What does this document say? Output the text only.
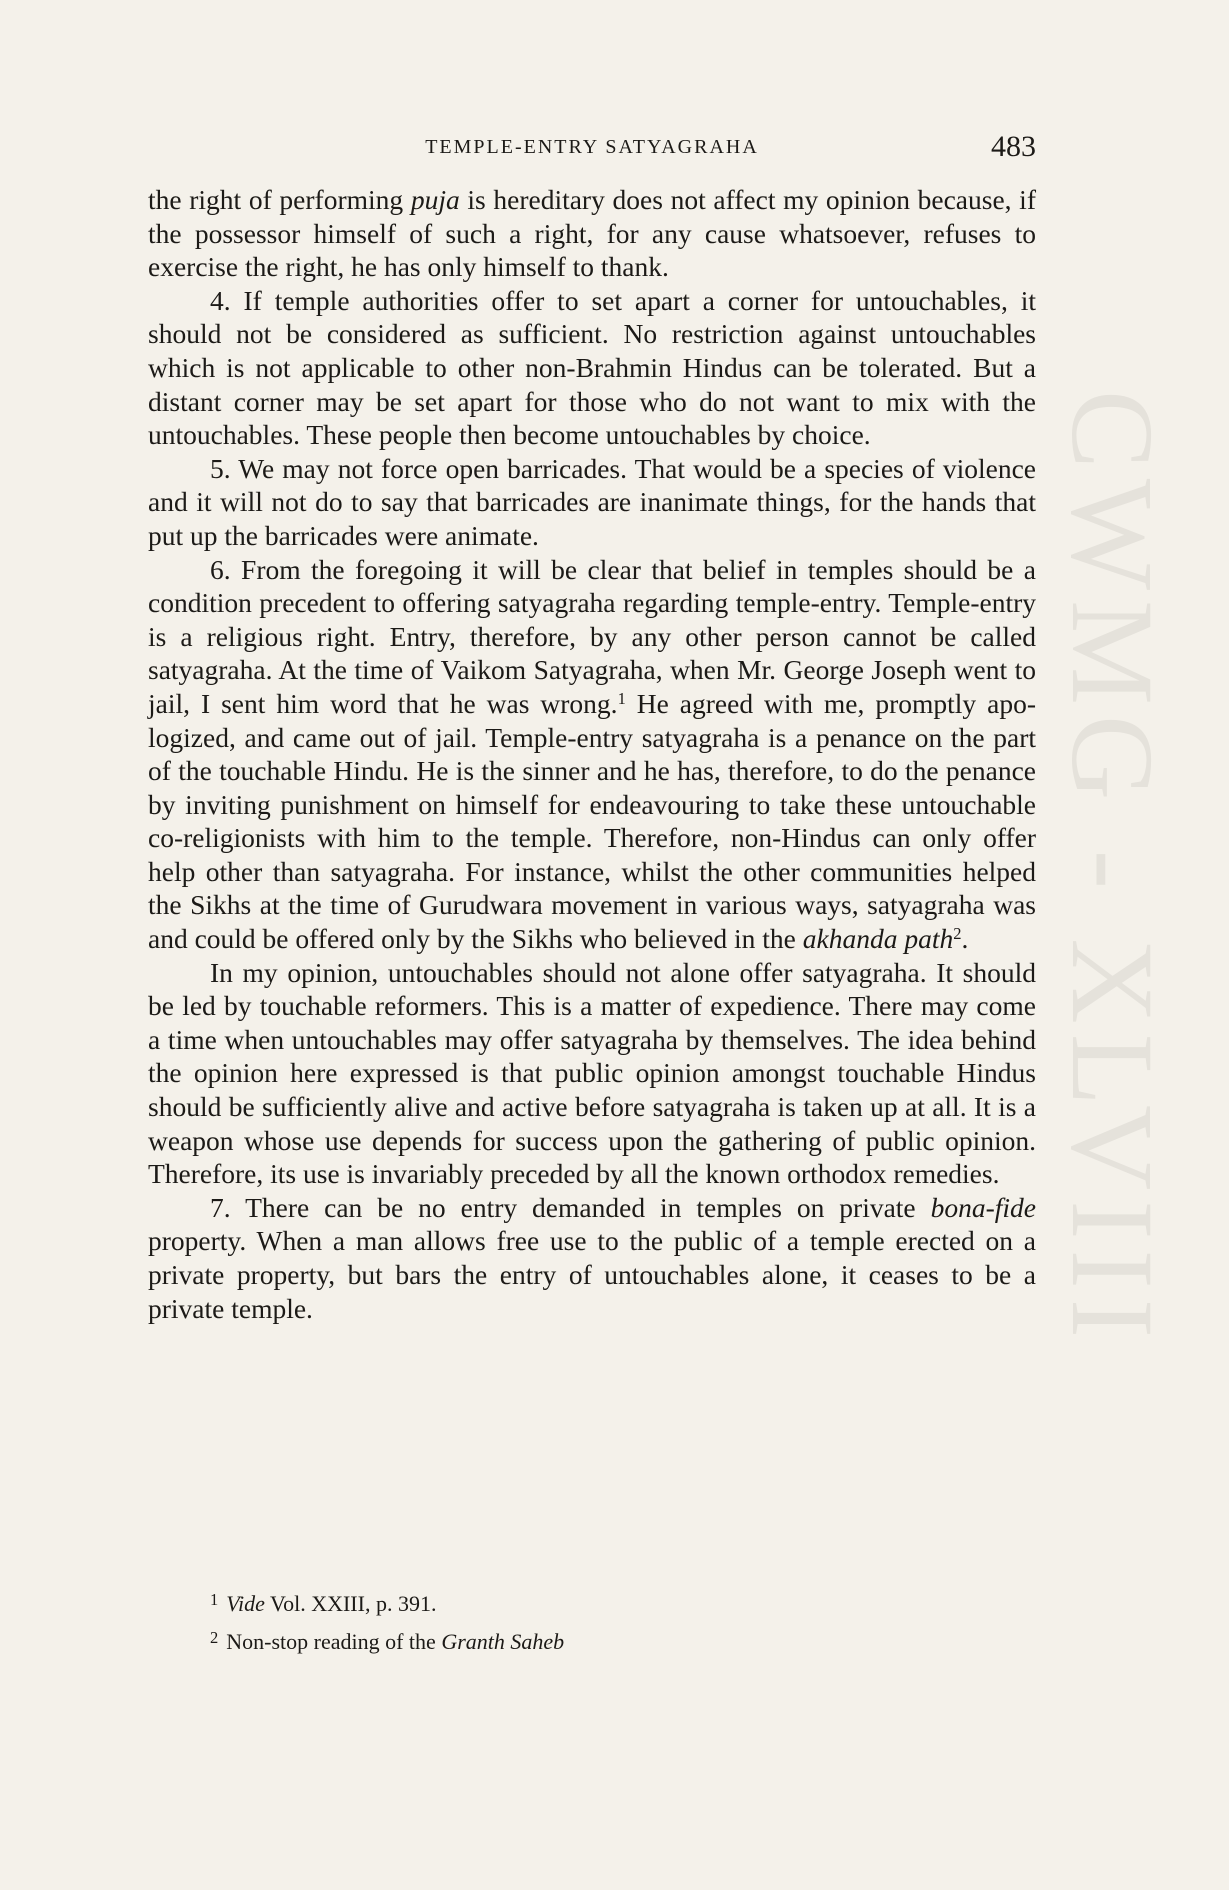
CWMG - XLVIII
TEMPLE-ENTRY SATYAGRAHA	483

the right of performing puja is hereditary does not affect my opinion because, if the possessor himself of such a right, for any cause whatsoever, refuses to exercise the right, he has only himself to thank.

4. If temple authorities offer to set apart a corner for untouchables, it should not be considered as sufficient. No restriction against untouchables which is not applicable to other non-Brahmin Hindus can be tolerated. But a distant corner may be set apart for those who do not want to mix with the untouchables. These people then become untouchables by choice.

5. We may not force open barricades. That would be a species of violence and it will not do to say that barricades are inanimate things, for the hands that put up the barricades were animate.

6. From the foregoing it will be clear that belief in temples should be a condition precedent to offering satyagraha regarding temple-entry. Temple-entry is a religious right. Entry, therefore, by any other person cannot be called satyagraha. At the time of Vaikom Satyagraha, when Mr. George Joseph went to jail, I sent him word that he was wrong.$^1$ He agreed with me, promptly apologized, and came out of jail. Temple-entry satyagraha is a penance on the part of the touchable Hindu. He is the sinner and he has, therefore, to do the penance by inviting punishment on himself for endeavouring to take these untouchable co-religionists with him to the temple. Therefore, non-Hindus can only offer help other than satyagraha. For instance, whilst the other communities helped the Sikhs at the time of Gurudwara movement in various ways, satyagraha was and could be offered only by the Sikhs who believed in the akhanda path$^2$.

In my opinion, untouchables should not alone offer satyagraha. It should be led by touchable reformers. This is a matter of expedience. There may come a time when untouchables may offer satyagraha by themselves. The idea behind the opinion here expressed is that public opinion amongst touchable Hindus should be sufficiently alive and active before satyagraha is taken up at all. It is a weapon whose use depends for success upon the gathering of public opinion. Therefore, its use is invariably preceded by all the known orthodox remedies.

7. There can be no entry demanded in temples on private bona-fide property. When a man allows free use to the public of a temple erected on a private property, but bars the entry of untouchables alone, it ceases to be a private temple.

$^1$ Vide Vol. XXIII, p. 391.

$^2$ Non-stop reading of the Granth Saheb
